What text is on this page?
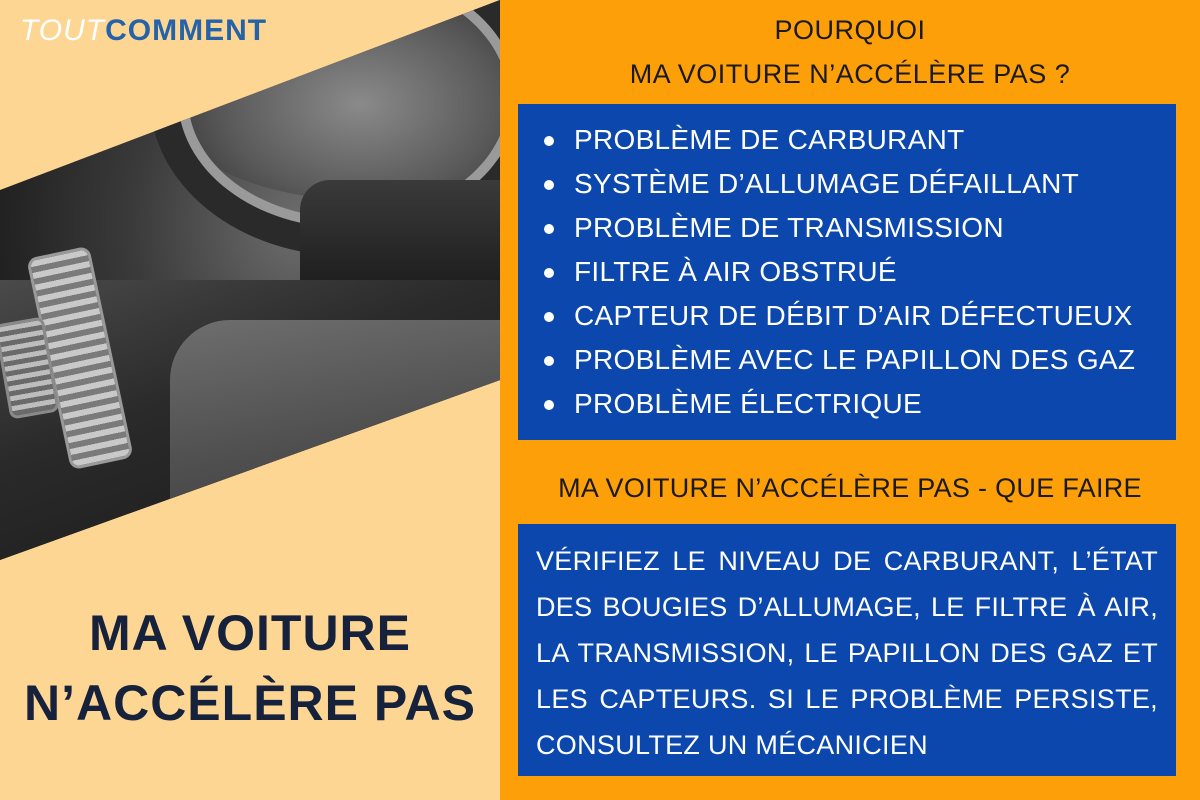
TOUTCOMMENT
MA VOITURE
N’ACCÉLÈRE PAS
POURQUOI
MA VOITURE N’ACCÉLÈRE PAS ?
PROBLÈME DE CARBURANT
SYSTÈME D’ALLUMAGE DÉFAILLANT
PROBLÈME DE TRANSMISSION
FILTRE À AIR OBSTRUÉ
CAPTEUR DE DÉBIT D’AIR DÉFECTUEUX
PROBLÈME AVEC LE PAPILLON DES GAZ
PROBLÈME ÉLECTRIQUE
MA VOITURE N’ACCÉLÈRE PAS - QUE FAIRE

VÉRIFIEZ LE NIVEAU DE CARBURANT, L’ÉTAT DES BOUGIES D’ALLUMAGE, LE FILTRE À AIR, LA TRANSMISSION, LE PAPILLON DES GAZ ET LES CAPTEURS. SI LE PROBLÈME PERSISTE, CONSULTEZ UN MÉCANICIEN
